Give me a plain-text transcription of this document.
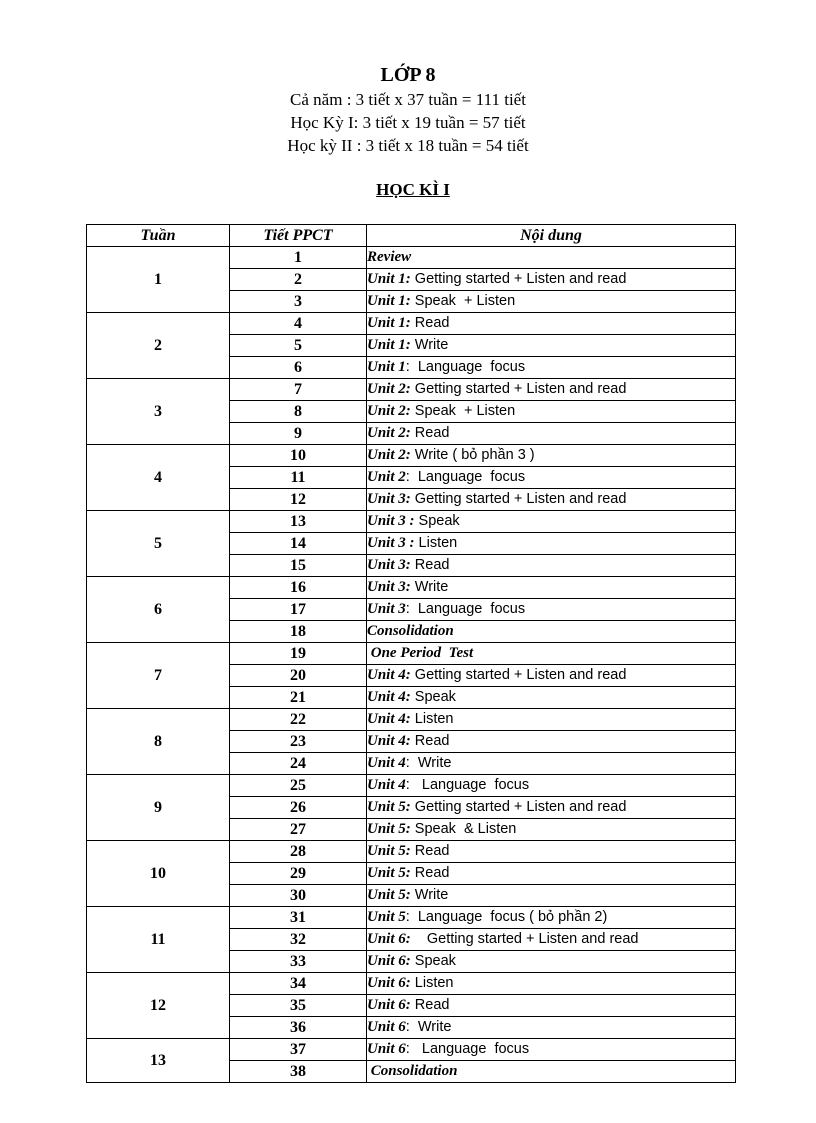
LỚP 8
Cả năm : 3 tiết x 37 tuần = 111 tiết
Học Kỳ I: 3 tiết x 19 tuần = 57 tiết
Học kỳ II : 3 tiết x 18 tuần = 54 tiết
HỌC KÌ I
Tuần	Tiết PPCT	Nội dung
1	1	Review
	2	Unit 1: Getting started + Listen and read
	3	Unit 1: Speak  + Listen
2	4	Unit 1: Read
	5	Unit 1: Write
	6	Unit 1:  Language  focus
3	7	Unit 2: Getting started + Listen and read
	8	Unit 2: Speak  + Listen
	9	Unit 2: Read
4	10	Unit 2: Write ( bỏ phần 3 )
	11	Unit 2:  Language  focus
	12	Unit 3: Getting started + Listen and read
5	13	Unit 3 : Speak
	14	Unit 3 : Listen
	15	Unit 3: Read
6	16	Unit 3: Write
	17	Unit 3:  Language  focus
	18	Consolidation
7	19	One Period  Test
	20	Unit 4: Getting started + Listen and read
	21	Unit 4: Speak
8	22	Unit 4: Listen
	23	Unit 4: Read
	24	Unit 4:  Write
9	25	Unit 4:   Language  focus
	26	Unit 5: Getting started + Listen and read
	27	Unit 5: Speak  & Listen
10	28	Unit 5: Read
	29	Unit 5: Read
	30	Unit 5: Write
11	31	Unit 5:  Language  focus ( bỏ phần 2)
	32	Unit 6:    Getting started + Listen and read
	33	Unit 6: Speak
12	34	Unit 6: Listen
	35	Unit 6: Read
	36	Unit 6:  Write
13	37	Unit 6:   Language  focus
	38	Consolidation
